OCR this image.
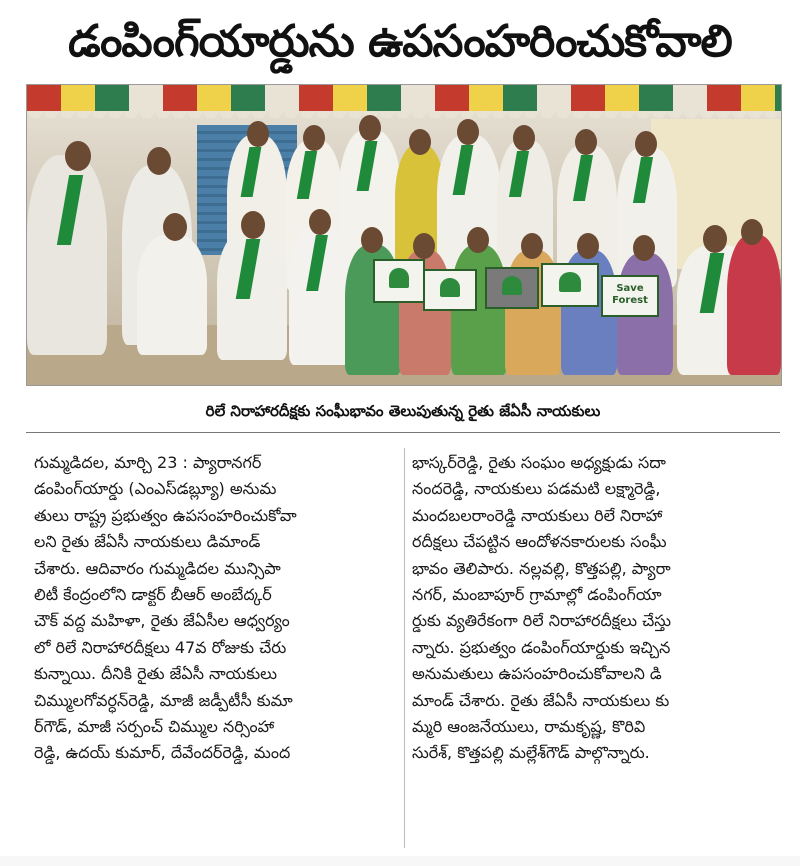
డంపింగ్‌యార్డును ఉపసంహరించుకోవాలి
Save Forest
రిలే నిరాహారదీక్షకు సంఘీభావం తెలుపుతున్న రైతు జేఏసీ నాయకులు
గుమ్మడిదల, మార్చి 23 : ప్యారానగర్
డంపింగ్‌యార్డు (ఎంఎస్‌డబ్ల్యూ) అనుమ
తులు రాష్ట్ర ప్రభుత్వం ఉపసంహరించుకోవా
లని రైతు జేఏసీ నాయకులు డిమాండ్
చేశారు. ఆదివారం గుమ్మడిదల మున్సిపా
లిటీ కేంద్రంలోని డాక్టర్ బీఆర్ అంబేద్కర్
చౌక్ వద్ద మహిళా, రైతు జేఏసీల ఆధ్వర్యం
లో రిలే నిరాహారదీక్షలు 47వ రోజుకు చేరు
కున్నాయి. దీనికి రైతు జేఏసీ నాయకులు
చిమ్ములగోవర్ధన్‌రెడ్డి, మాజీ జడ్పీటీసీ కుమా
ర్‌గౌడ్, మాజీ సర్పంచ్ చిమ్ముల నర్సింహా
రెడ్డి, ఉదయ్ కుమార్, దేవేందర్‌రెడ్డి, మంద
భాస్కర్‌రెడ్డి, రైతు సంఘం అధ్యక్షుడు సదా
నందరెడ్డి, నాయకులు పడమటి లక్ష్మారెడ్డి,
మందబలరాంరెడ్డి నాయకులు రిలే నిరాహా
రదీక్షలు చేపట్టిన ఆందోళనకారులకు సంఘీ
భావం తెలిపారు. నల్లవల్లి, కొత్తపల్లి, ప్యారా
నగర్, మంబాపూర్ గ్రామాల్లో డంపింగ్‌యా
ర్డుకు వ్యతిరేకంగా రిలే నిరాహారదీక్షలు చేస్తు
న్నారు. ప్రభుత్వం డంపింగ్‌యార్డుకు ఇచ్చిన
అనుమతులు ఉపసంహరించుకోవాలని డి
మాండ్ చేశారు. రైతు జేఏసీ నాయకులు కు
మ్మరి ఆంజనేయులు, రామకృష్ణ, కొరివి
సురేశ్, కొత్తపల్లి మల్లేశ్‌గౌడ్ పాల్గొన్నారు.
